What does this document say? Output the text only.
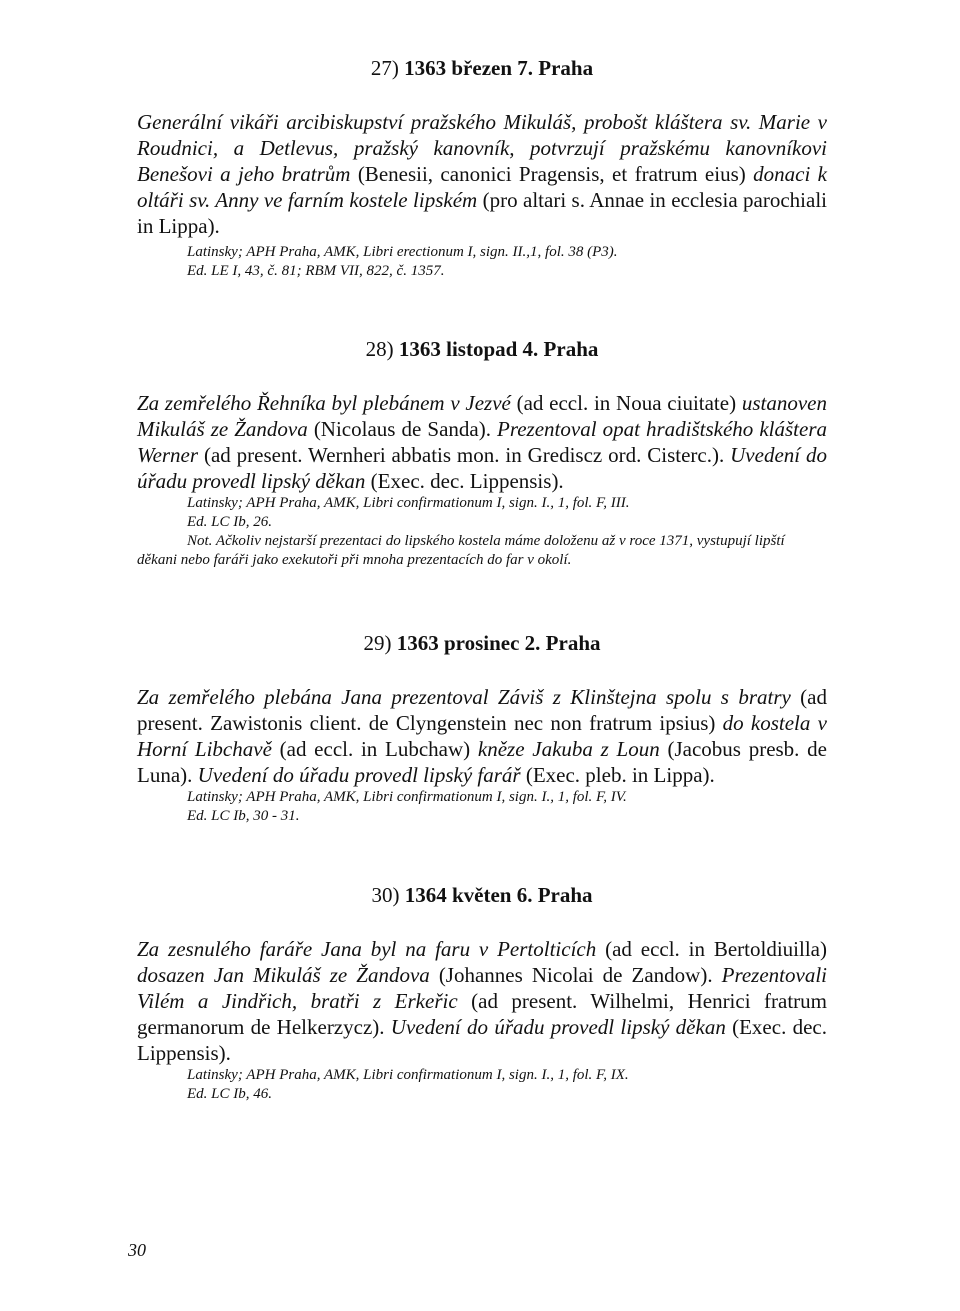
27) 1363 březen 7. Praha

Generální vikáři arcibiskupství pražského Mikuláš, probošt kláštera sv. Marie v Roudnici, a Detlevus, pražský kanovník, potvrzují pražskému kanovníkovi Benešovi a jeho bratrům (Benesii, canonici Pragensis, et fratrum eius) donaci k oltáři sv. Anny ve farním kostele lipském (pro altari s. Annae in ecclesia parochiali in Lippa).

Latinsky; APH Praha, AMK, Libri erectionum I, sign. II.,1, fol. 38 (P3).

Ed. LE I, 43, č. 81; RBM VII, 822, č. 1357.

28) 1363 listopad 4. Praha

Za zemřelého Řehníka byl plebánem v Jezvé (ad eccl. in Noua ciuitate) ustanoven Mikuláš ze Žandova (Nicolaus de Sanda). Prezentoval opat hradištského kláštera Werner (ad present. Wernheri abbatis mon. in Grediscz ord. Cisterc.). Uvedení do úřadu provedl lipský děkan (Exec. dec. Lippensis).

Latinsky; APH Praha, AMK, Libri confirmationum I, sign. I., 1, fol. F, III.

Ed. LC Ib, 26.

Not. Ačkoliv nejstarší prezentaci do lipského kostela máme doloženu až v roce 1371, vystupují lipští děkani nebo faráři jako exekutoři při mnoha prezentacích do far v okolí.

29) 1363 prosinec 2. Praha

Za zemřelého plebána Jana prezentoval Záviš z Klinštejna spolu s bratry (ad present. Zawistonis client. de Clyngenstein nec non fratrum ipsius) do kostela v Horní Libchavě (ad eccl. in Lubchaw) kněze Jakuba z Loun (Jacobus presb. de Luna). Uvedení do úřadu provedl lipský farář (Exec. pleb. in Lippa).

Latinsky; APH Praha, AMK, Libri confirmationum I, sign. I., 1, fol. F, IV.

Ed. LC Ib, 30 - 31.

30) 1364 květen 6. Praha

Za zesnulého faráře Jana byl na faru v Pertolticích (ad eccl. in Bertoldiuilla) dosazen Jan Mikuláš ze Žandova (Johannes Nicolai de Zandow). Prezentovali Vilém a Jindřich, bratři z Erkeřic (ad present. Wilhelmi, Henrici fratrum germanorum de Helkerzycz). Uvedení do úřadu provedl lipský děkan (Exec. dec. Lippensis).

Latinsky; APH Praha, AMK, Libri confirmationum I, sign. I., 1, fol. F, IX.

Ed. LC Ib, 46.

30
